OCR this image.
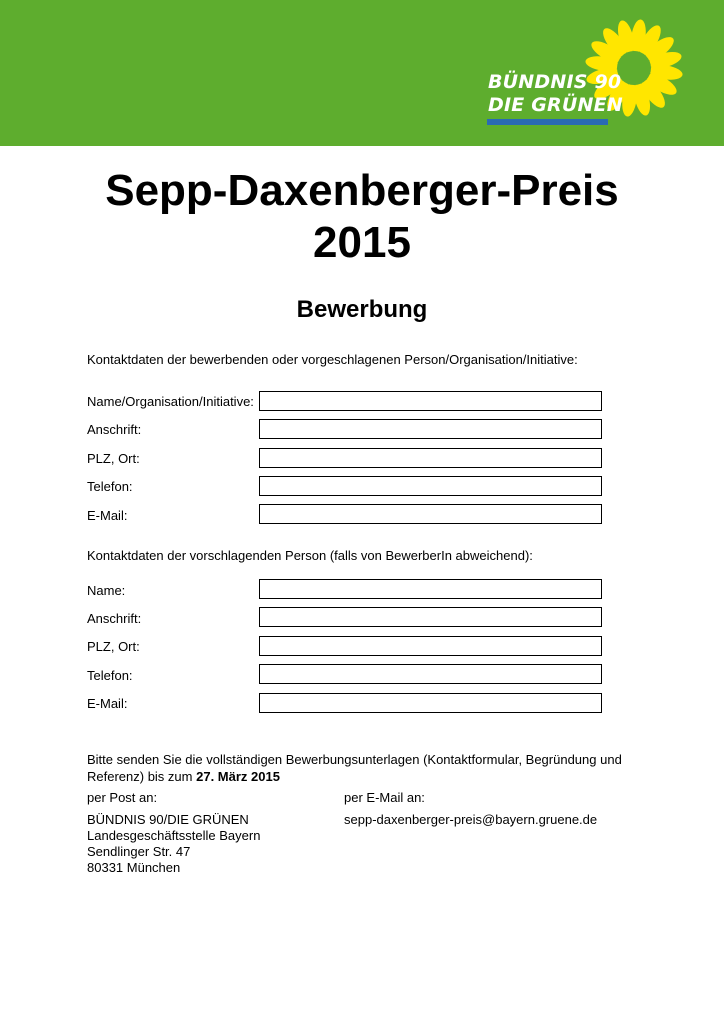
BÜNDNIS 90
DIE GRÜNEN
Sepp-Daxenberger-Preis
2015
Bewerbung
Kontaktdaten der bewerbenden oder vorgeschlagenen Person/Organisation/Initiative:
Name/Organisation/Initiative:
Anschrift:
PLZ, Ort:
Telefon:
E-Mail:
Kontaktdaten der vorschlagenden Person (falls von BewerberIn abweichend):
Name:
Anschrift:
PLZ, Ort:
Telefon:
E-Mail:
Bitte senden Sie die vollständigen Bewerbungsunterlagen (Kontaktformular, Begründung und Referenz) bis zum 27. März 2015
per Post an:	per E-Mail an:
BÜNDNIS 90/DIE GRÜNEN
Landesgeschäftsstelle Bayern
Sendlinger Str. 47
80331 München
sepp-daxenberger-preis@bayern.gruene.de
